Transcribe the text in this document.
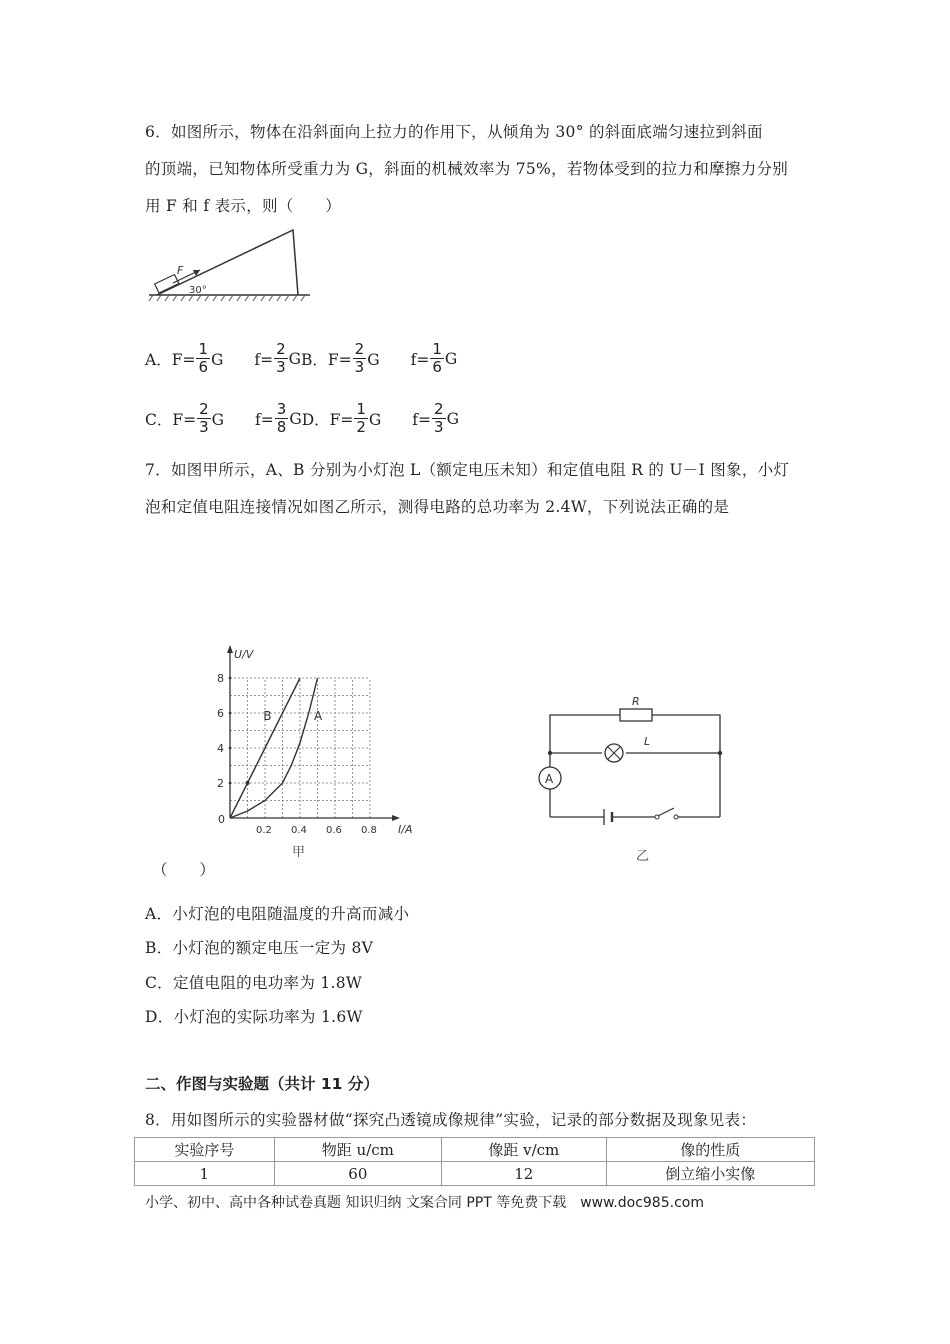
6．如图所示，物体在沿斜面向上拉力的作用下，从倾角为 30° 的斜面底端匀速拉到斜面
的顶端，已知物体所受重力为 G，斜面的机械效率为 75%，若物体受到的拉力和摩擦力分别
用 F 和 f 表示，则（　　）
F
30°
A．$F= \frac{1}{6}$ G　　$f= \frac{2}{3}$ G B．$F= \frac{2}{3}$ G　　$f= \frac{1}{6}$ G
C．$F= \frac{2}{3}$ G　　$f= \frac{3}{8}$ G D．$F= \frac{1}{2}$ G　　$f= \frac{2}{3}$ G
7．如图甲所示，A、B 分别为小灯泡 L（额定电压未知）和定值电阻 R 的 U－I 图象，小灯
泡和定值电阻连接情况如图乙所示，测得电路的总功率为 2.4W，下列说法正确的是
2
4
6
8
0.2 0.4 0.6 0.8
U/V
I/A
0
B	A
甲
R
L
A
乙
（　　）
A．小灯泡的电阻随温度的升高而减小
B．小灯泡的额定电压一定为 8V
C．定值电阻的电功率为 1.8W
D．小灯泡的实际功率为 1.6W
二、作图与实验题（共计 11 分）
8．用如图所示的实验器材做“探究凸透镜成像规律”实验，记录的部分数据及现象见表：
实验序号	物距 u/cm	像距 v/cm	像的性质
1	60	12	倒立缩小实像
小学、初中、高中各种试卷真题 知识归纳 文案合同 PPT 等免费下载　www.doc985.com
